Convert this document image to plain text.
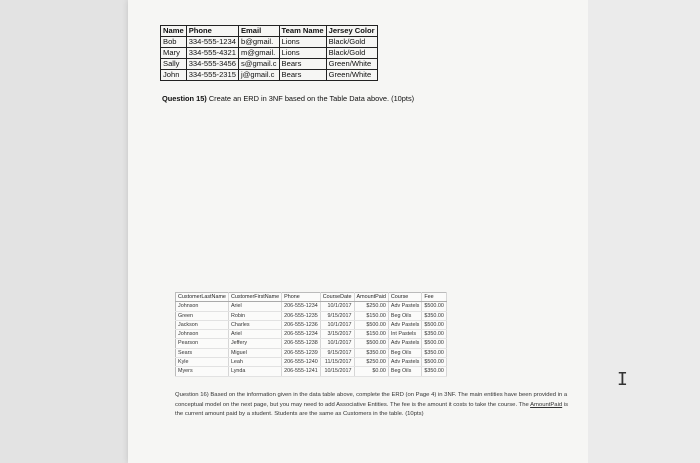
Name	Phone	Email	Team Name	Jersey Color
Bob	334-555-1234	b@gmail.	Lions	Black/Gold
Mary	334-555-4321	m@gmail.	Lions	Black/Gold
Sally	334-555-3456	s@gmail.c	Bears	Green/White
John	334-555-2315	j@gmail.c	Bears	Green/White
Question 15) Create an ERD in 3NF based on the Table Data above. (10pts)
CustomerLastName	CustomerFirstName	Phone	CourseDate	AmountPaid	Course	Fee
Johnson	Ariel	206-555-1234	10/1/2017	$250.00	Adv Pastels	$500.00
Green	Robin	206-555-1235	9/15/2017	$150.00	Beg Oils	$350.00
Jackson	Charles	206-555-1236	10/1/2017	$500.00	Adv Pastels	$500.00
Johnson	Ariel	206-555-1234	3/15/2017	$150.00	Int Pastels	$350.00
Pearson	Jeffery	206-555-1238	10/1/2017	$500.00	Adv Pastels	$500.00
Sears	Miguel	206-555-1239	9/15/2017	$350.00	Beg Oils	$350.00
Kyle	Leah	206-555-1240	11/15/2017	$250.00	Adv Pastels	$500.00
Myers	Lynda	206-555-1241	10/15/2017	$0.00	Beg Oils	$350.00
Question 16) Based on the information given in the data table above, complete the ERD (on Page 4) in 3NF. The main entities have been provided in a conceptual model on the next page, but you may need to add Associative Entities. The fee is the amount it costs to take the course. The AmountPaid is the current amount paid by a student. Students are the same as Customers in the table. (10pts)
I
